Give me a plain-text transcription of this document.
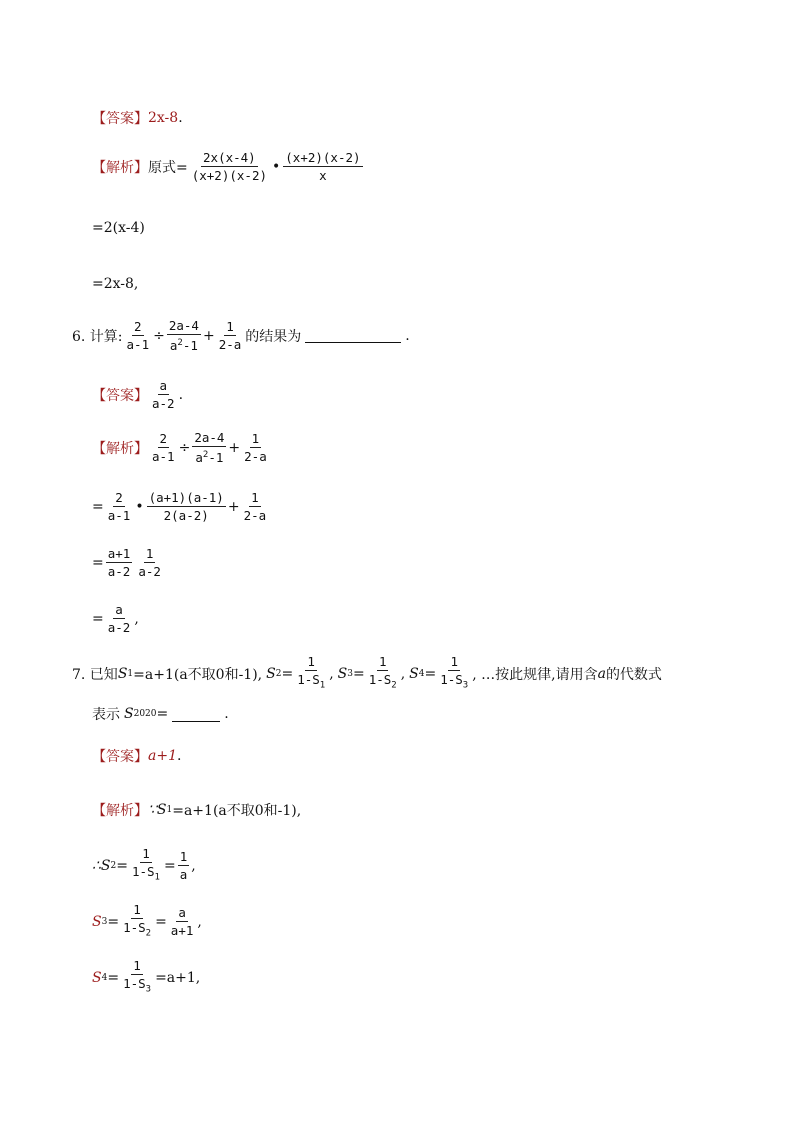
【答案】 2x-8 .
【解析】 原式= $\frac{2x(x-4)}{(x+2)(x-2)}$ • $\frac{(x+2)(x-2)}{x}$
=2(x-4)
=2x-8,
6. 计算: $\frac{2}{a-1} \div \frac{2a-4}{a^2-1} + \frac{1}{2-a}$ 的结果为	.
【答案】 $\frac{a}{a-2}$ .
【解析】 $\frac{2}{a-1} \div \frac{2a-4}{a^2-1} + \frac{1}{2-a}$
= $\frac{2}{a-1}$ • $\frac{(a+1)(a-1)}{2(a-2)} + \frac{1}{2-a}$
= $\frac{a+1}{a-2} \frac{1}{a-2}$
= $\frac{a}{a-2}$ ,
7. 已知 S 1 =a+1(a不取0和-1), S $2 = \frac{1}{1-S_1}$ , S $3 = \frac{1}{1-S_2}$ , S $4 = \frac{1}{1-S_3}$ , …按此规律,请用含 a 的代数式
表示 S 2020 =	.
【答案】 a+1 .
【解析】 ∵S 1 =a+1(a不取0和-1),
∴S $2 = \frac{1}{1-S_1} = \frac{1}{a}$ ,
S $3 = \frac{1}{1-S_2} = \frac{a}{a+1}$ ,
S $4 = \frac{1}{1-S_3} =a+1$,
